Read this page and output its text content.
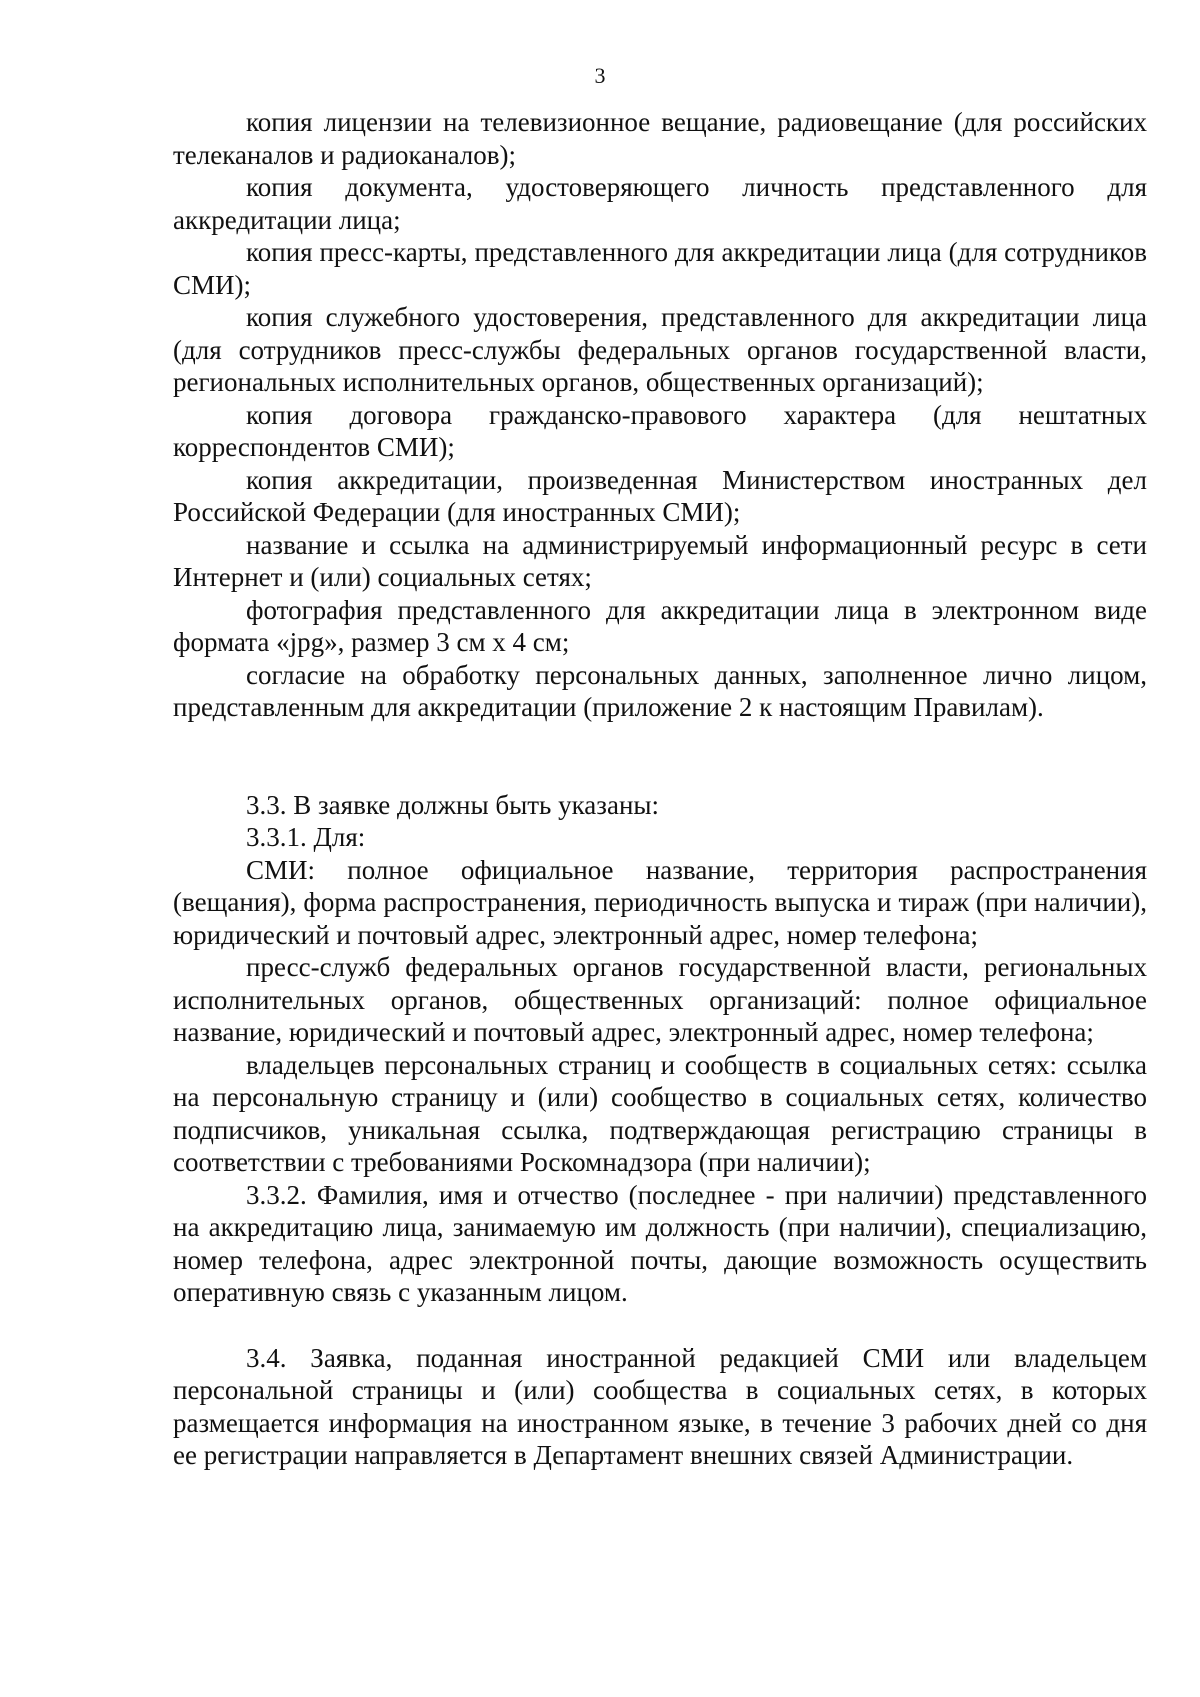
3

копия лицензии на телевизионное вещание, радиовещание (для российских телеканалов и радиоканалов);

копия документа, удостоверяющего личность представленного для аккредитации лица;

копия пресс-карты, представленного для аккредитации лица (для сотрудников СМИ);

копия служебного удостоверения, представленного для аккредитации лица (для сотрудников пресс-службы федеральных органов государственной власти, региональных исполнительных органов, общественных организаций);

копия договора гражданско-правового характера (для нештатных корреспондентов СМИ);

копия аккредитации, произведенная Министерством иностранных дел Российской Федерации (для иностранных СМИ);

название и ссылка на администрируемый информационный ресурс в сети Интернет и (или) социальных сетях;

фотография представленного для аккредитации лица в электронном виде формата «jpg», размер 3 см х 4 см;

согласие на обработку персональных данных, заполненное лично лицом, представленным для аккредитации (приложение 2 к настоящим Правилам).

3.3. В заявке должны быть указаны:

3.3.1. Для:

СМИ: полное официальное название, территория распространения (вещания), форма распространения, периодичность выпуска и тираж (при наличии), юридический и почтовый адрес, электронный адрес, номер телефона;

пресс-служб федеральных органов государственной власти, региональных исполнительных органов, общественных организаций: полное официальное название, юридический и почтовый адрес, электронный адрес, номер телефона;

владельцев персональных страниц и сообществ в социальных сетях: ссылка на персональную страницу и (или) сообщество в социальных сетях, количество подписчиков, уникальная ссылка, подтверждающая регистрацию страницы в соответствии с требованиями Роскомнадзора (при наличии);

3.3.2. Фамилия, имя и отчество (последнее - при наличии) представленного на аккредитацию лица, занимаемую им должность (при наличии), специализацию, номер телефона, адрес электронной почты, дающие возможность осуществить оперативную связь с указанным лицом.

3.4. Заявка, поданная иностранной редакцией СМИ или владельцем персональной страницы и (или) сообщества в социальных сетях, в которых размещается информация на иностранном языке, в течение 3 рабочих дней со дня ее регистрации направляется в Департамент внешних связей Администрации.
